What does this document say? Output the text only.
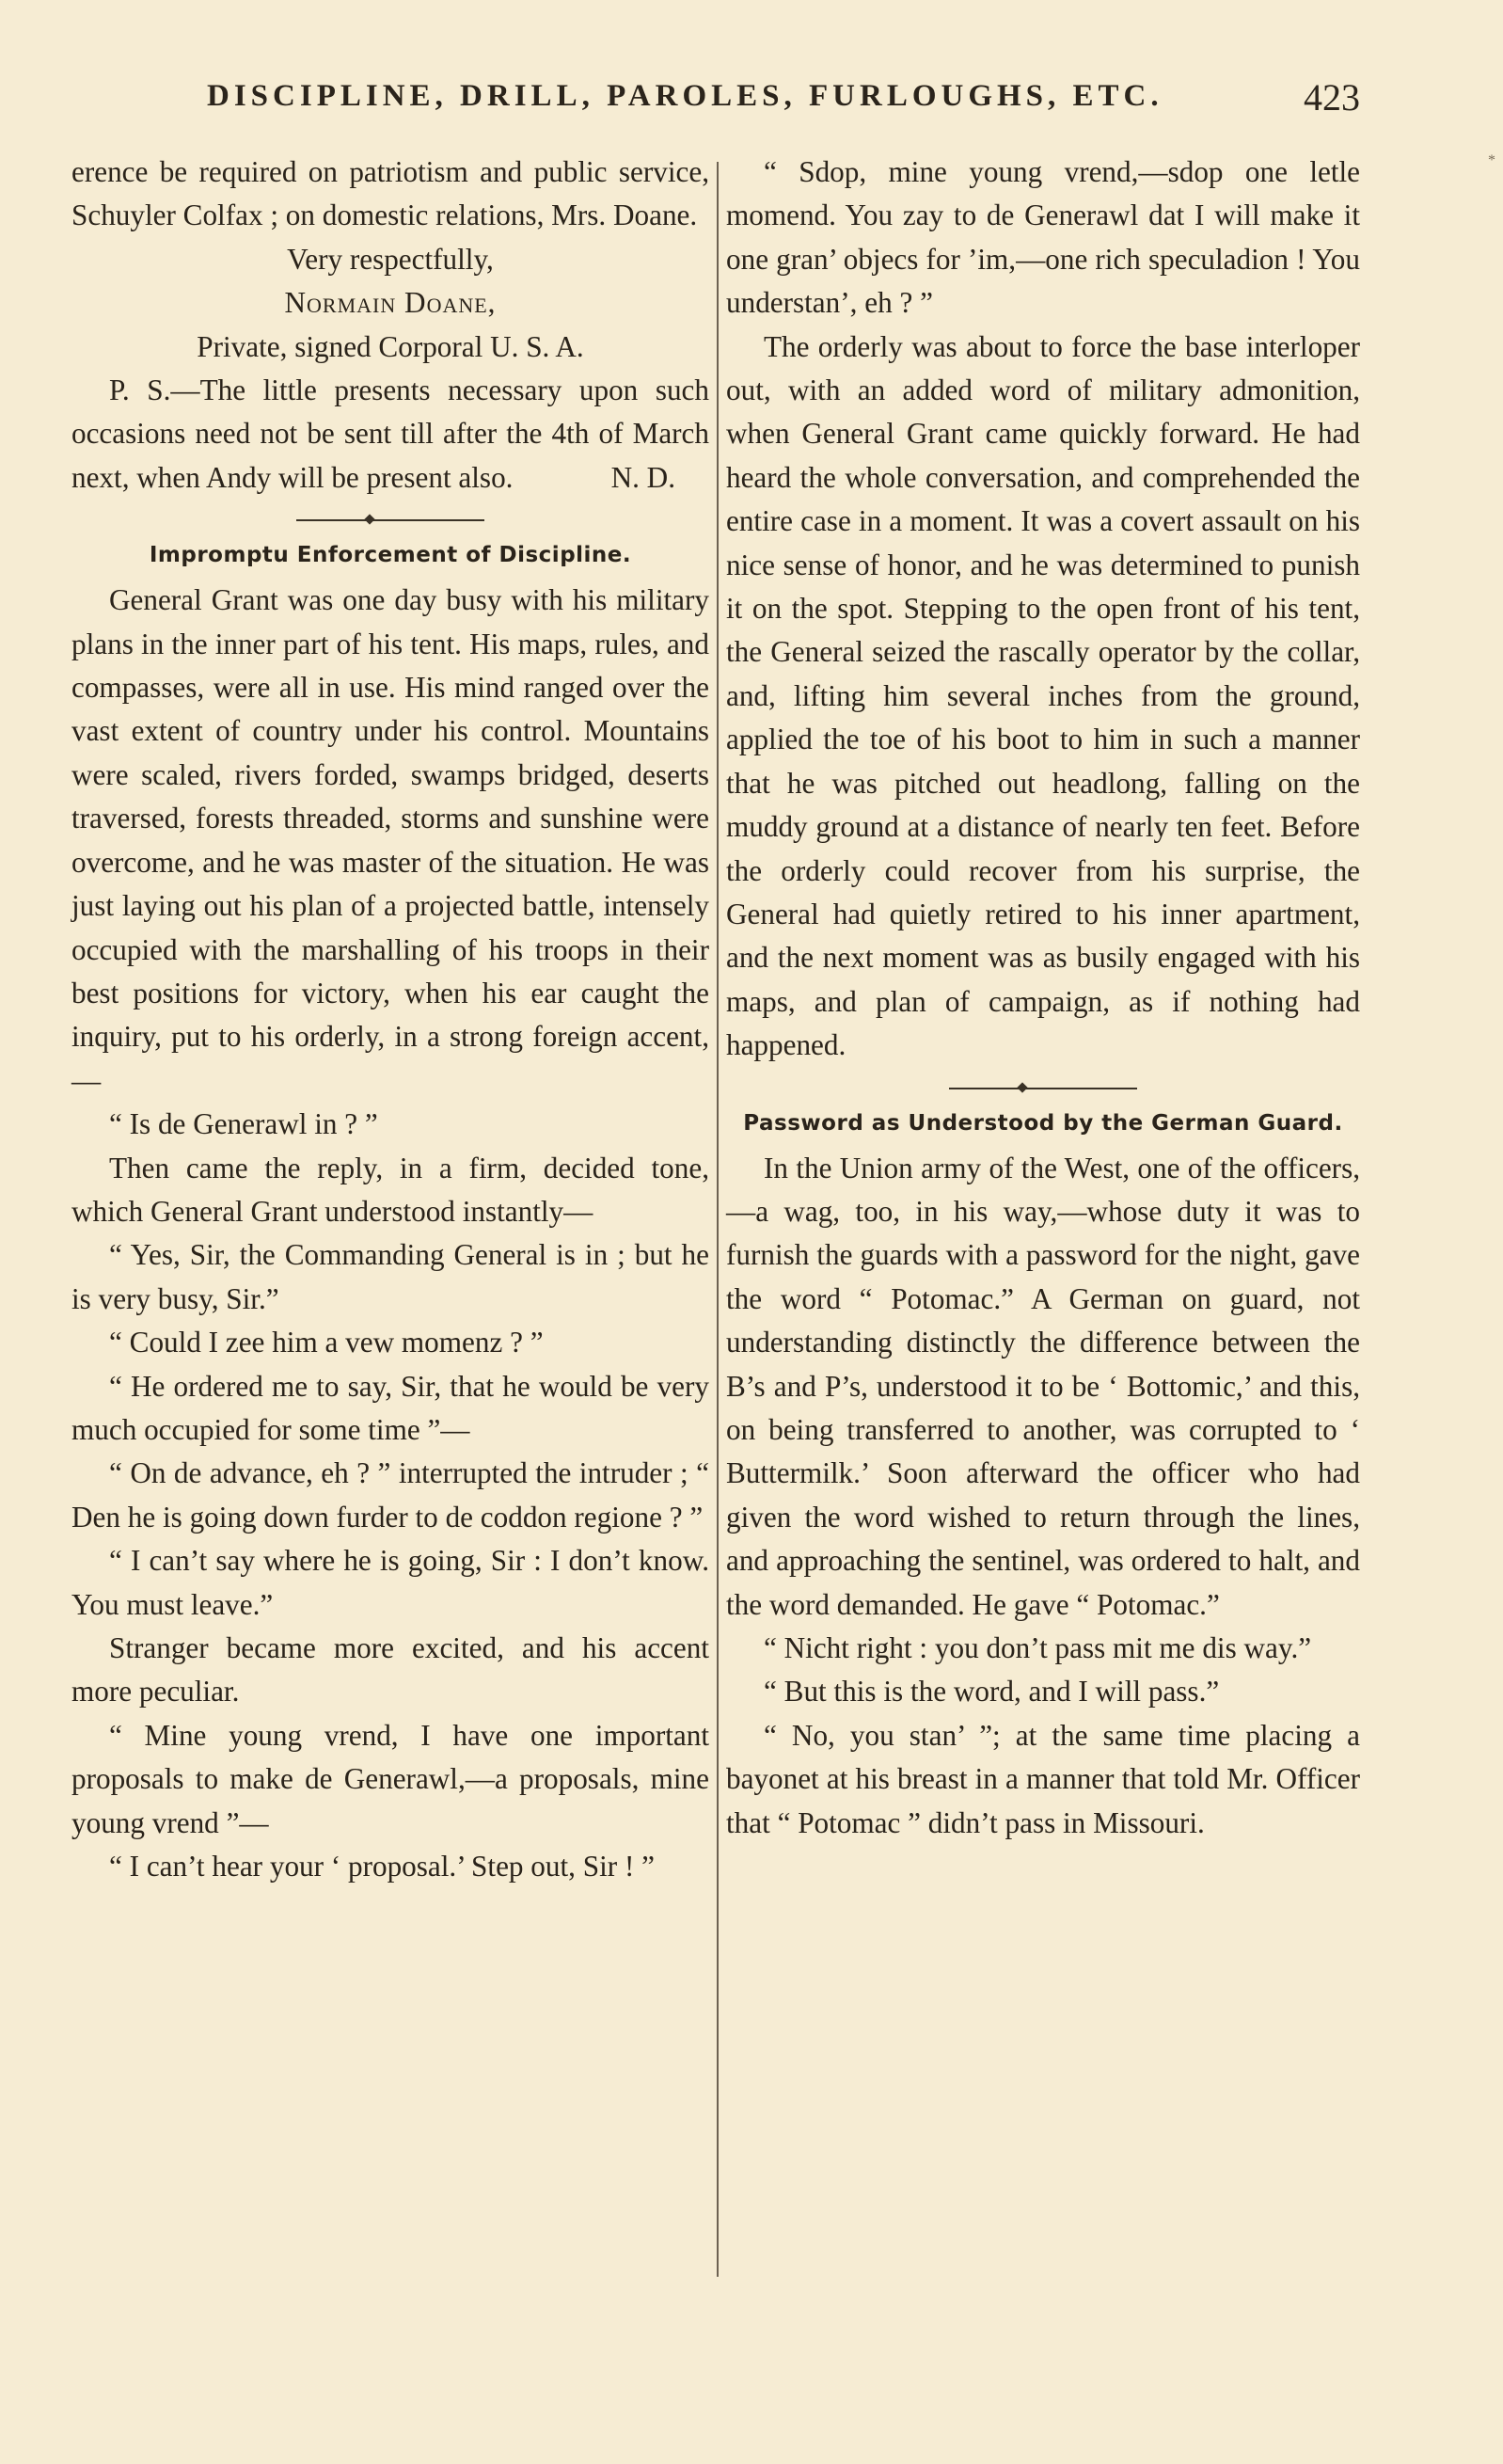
DISCIPLINE, DRILL, PAROLES, FURLOUGHS, ETC.	423

erence be required on patriotism and public service, Schuyler Colfax ; on domestic relations, Mrs. Doane.

Very respectfully,

Normain Doane,

Private, signed Corporal U. S. A.

P. S.—The little presents necessary upon such occasions need not be sent till after the 4th of March next, when Andy will be present also.	N. D.

Impromptu Enforcement of Discipline.

General Grant was one day busy with his military plans in the inner part of his tent. His maps, rules, and compasses, were all in use. His mind ranged over the vast extent of country under his control. Mountains were scaled, rivers forded, swamps bridged, deserts traversed, forests threaded, storms and sunshine were overcome, and he was master of the situation. He was just laying out his plan of a projected battle, intensely occupied with the marshalling of his troops in their best positions for victory, when his ear caught the inquiry, put to his orderly, in a strong foreign accent,—

“ Is de Generawl in ? ”

Then came the reply, in a firm, decided tone, which General Grant understood instantly—

“ Yes, Sir, the Commanding General is in ; but he is very busy, Sir.”

“ Could I zee him a vew momenz ? ”

“ He ordered me to say, Sir, that he would be very much occupied for some time ”—

“ On de advance, eh ? ” interrupted the intruder ; “ Den he is going down furder to de coddon regione ? ”

“ I can’t say where he is going, Sir : I don’t know. You must leave.”

Stranger became more excited, and his accent more peculiar.

“ Mine young vrend, I have one important proposals to make de Generawl,—a proposals, mine young vrend ”—

“ I can’t hear your ‘ proposal.’ Step out, Sir ! ”

“ Sdop, mine young vrend,—sdop one letle momend. You zay to de Generawl dat I will make it one gran’ objecs for ’im,—one rich speculadion ! You understan’, eh ? ”

The orderly was about to force the base interloper out, with an added word of military admonition, when General Grant came quickly forward. He had heard the whole conversation, and comprehended the entire case in a moment. It was a covert assault on his nice sense of honor, and he was determined to punish it on the spot. Stepping to the open front of his tent, the General seized the rascally operator by the collar, and, lifting him several inches from the ground, applied the toe of his boot to him in such a manner that he was pitched out headlong, falling on the muddy ground at a distance of nearly ten feet. Before the orderly could recover from his surprise, the General had quietly retired to his inner apartment, and the next moment was as busily engaged with his maps, and plan of campaign, as if nothing had happened.

Password as Understood by the German Guard.

In the Union army of the West, one of the officers,—a wag, too, in his way,—whose duty it was to furnish the guards with a password for the night, gave the word “ Potomac.” A German on guard, not understanding distinctly the difference between the B’s and P’s, understood it to be ‘ Bottomic,’ and this, on being transferred to another, was corrupted to ‘ Buttermilk.’ Soon afterward the officer who had given the word wished to return through the lines, and approaching the sentinel, was ordered to halt, and the word demanded. He gave “ Potomac.”

“ Nicht right : you don’t pass mit me dis way.”

“ But this is the word, and I will pass.”

“ No, you stan’ ”; at the same time placing a bayonet at his breast in a manner that told Mr. Officer that “ Potomac ” didn’t pass in Missouri.

*
